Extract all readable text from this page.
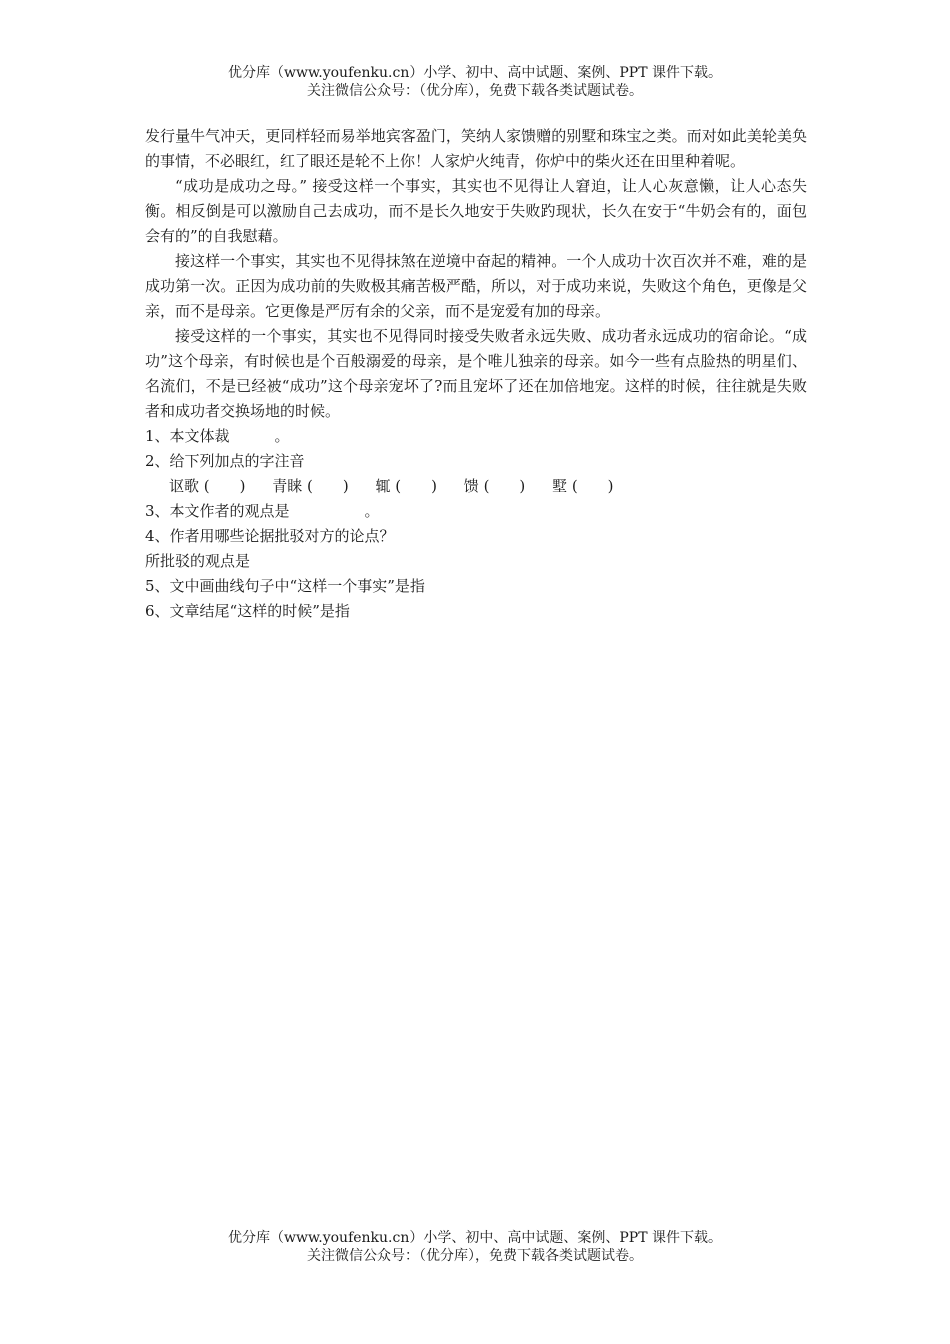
优分库（www.youfenku.cn）小学、初中、高中试题、案例、PPT 课件下载。
关注微信公众号：（优分库），免费下载各类试题试卷。

发行量牛气冲天，更同样轻而易举地宾客盈门，笑纳人家馈赠的别墅和珠宝之类。而对如此美轮美奂的事情，不必眼红，红了眼还是轮不上你！人家炉火纯青，你炉中的柴火还在田里种着呢。

“成功是成功之母。” 接受这样一个事实，其实也不见得让人窘迫，让人心灰意懒，让人心态失衡。相反倒是可以激励自己去成功，而不是长久地安于失败趵现状，长久在安于“牛奶会有的，面包会有的”的自我慰藉。

接这样一个事实，其实也不见得抹煞在逆境中奋起的精神。一个人成功十次百次并不难，难的是成功第一次。正因为成功前的失败极其痛苦极严酷，所以，对于成功来说，失败这个角色，更像是父亲，而不是母亲。它更像是严厉有余的父亲，而不是宠爱有加的母亲。

接受这样的一个事实，其实也不见得同时接受失败者永远失败、成功者永远成功的宿命论。“成功”这个母亲，有时候也是个百般溺爱的母亲，是个唯儿独亲的母亲。如今一些有点脸热的明星们、名流们，不是已经被“成功”这个母亲宠坏了?而且宠坏了还在加倍地宠。这样的时候，往往就是失败者和成功者交换场地的时候。

1、本文体裁　　　。

2、给下列加点的字注音

讴歌 (　　) 青睐 (　　) 辄 (　　) 馈 (　　) 墅 (　　)

3、本文作者的观点是　　　　　。

4、作者用哪些论据批驳对方的论点？

所批驳的观点是

5、文中画曲线句子中“这样一个事实”是指

6、文章结尾“这样的时候”是指

优分库（www.youfenku.cn）小学、初中、高中试题、案例、PPT 课件下载。
关注微信公众号：（优分库），免费下载各类试题试卷。
